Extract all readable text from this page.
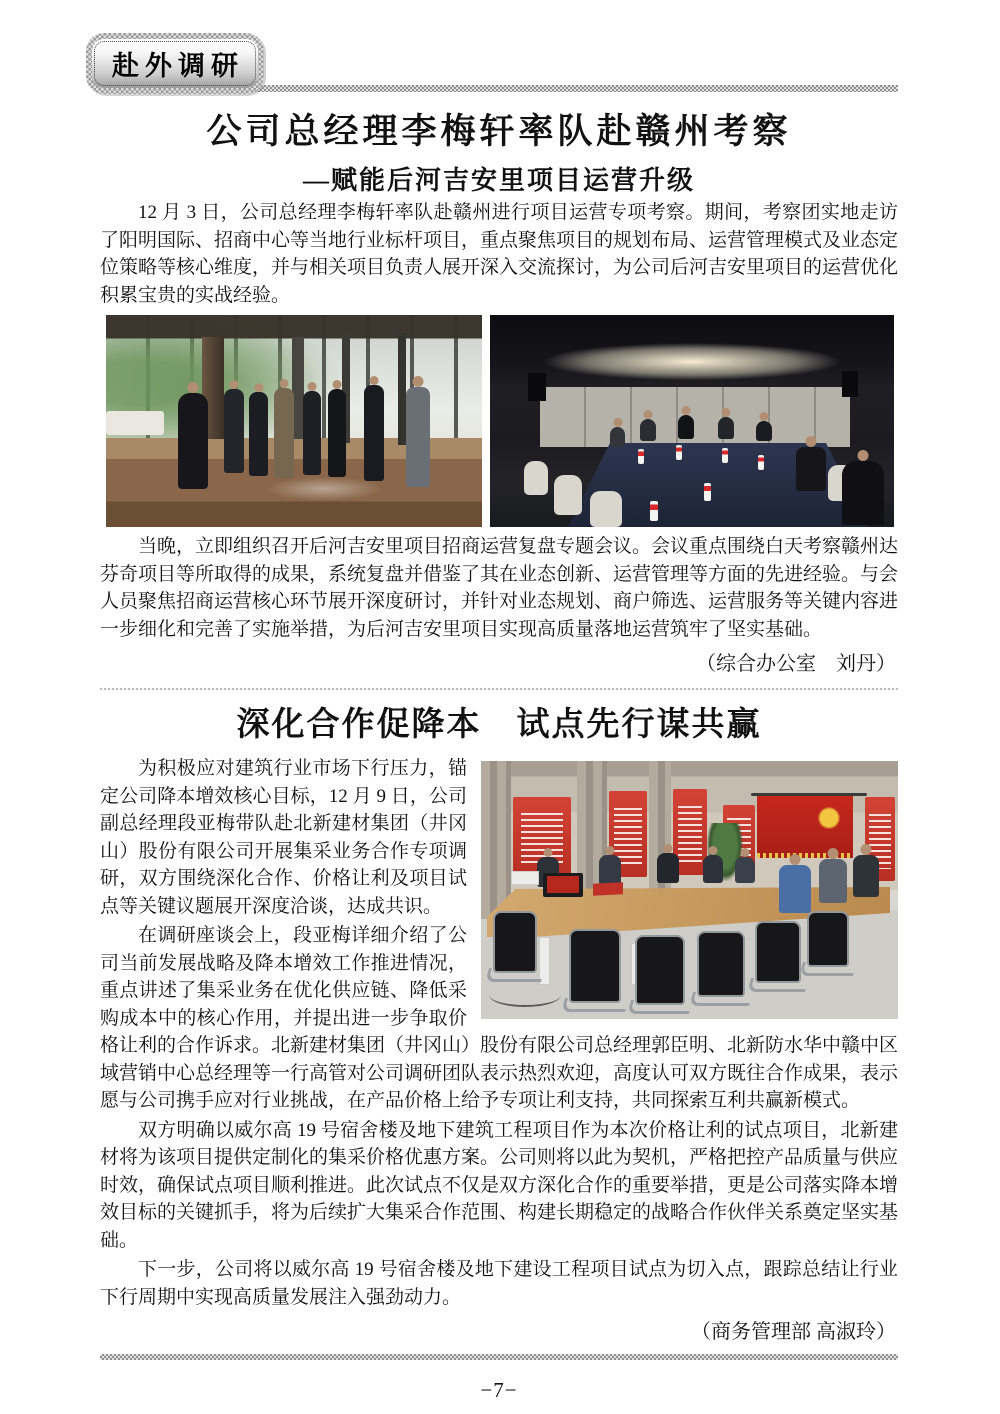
赴外调研
公司总经理李梅轩率队赴赣州考察
—赋能后河吉安里项目运营升级

12 月 3 日，公司总经理李梅轩率队赴赣州进行项目运营专项考察。期间，考察团实地走访了阳明国际、招商中心等当地行业标杆项目，重点聚焦项目的规划布局、运营管理模式及业态定位策略等核心维度，并与相关项目负责人展开深入交流探讨，为公司后河吉安里项目的运营优化积累宝贵的实战经验。

当晚，立即组织召开后河吉安里项目招商运营复盘专题会议。会议重点围绕白天考察赣州达芬奇项目等所取得的成果，系统复盘并借鉴了其在业态创新、运营管理等方面的先进经验。与会人员聚焦招商运营核心环节展开深度研讨，并针对业态规划、商户筛选、运营服务等关键内容进一步细化和完善了实施举措，为后河吉安里项目实现高质量落地运营筑牢了坚实基础。

（综合办公室　刘丹）
深化合作促降本　试点先行谋共赢

为积极应对建筑行业市场下行压力，锚定公司降本增效核心目标，12 月 9 日，公司副总经理段亚梅带队赴北新建材集团（井冈山）股份有限公司开展集采业务合作专项调研，双方围绕深化合作、价格让利及项目试点等关键议题展开深度洽谈，达成共识。

在调研座谈会上，段亚梅详细介绍了公司当前发展战略及降本增效工作推进情况，重点讲述了集采业务在优化供应链、降低采购成本中的核心作用，并提出进一步争取价格让利的合作诉求。北新建材集团（井冈山）股份有限公司总经理郭臣明、北新防水华中赣中区域营销中心总经理等一行高管对公司调研团队表示热烈欢迎，高度认可双方既往合作成果，表示愿与公司携手应对行业挑战，在产品价格上给予专项让利支持，共同探索互利共赢新模式。

双方明确以威尔高 19 号宿舍楼及地下建筑工程项目作为本次价格让利的试点项目，北新建材将为该项目提供定制化的集采价格优惠方案。公司则将以此为契机，严格把控产品质量与供应时效，确保试点项目顺利推进。此次试点不仅是双方深化合作的重要举措，更是公司落实降本增效目标的关键抓手，将为后续扩大集采合作范围、构建长期稳定的战略合作伙伴关系奠定坚实基础。

下一步，公司将以威尔高 19 号宿舍楼及地下建设工程项目试点为切入点，跟踪总结让行业下行周期中实现高质量发展注入强劲动力。

（商务管理部 高淑玲）
−7−
